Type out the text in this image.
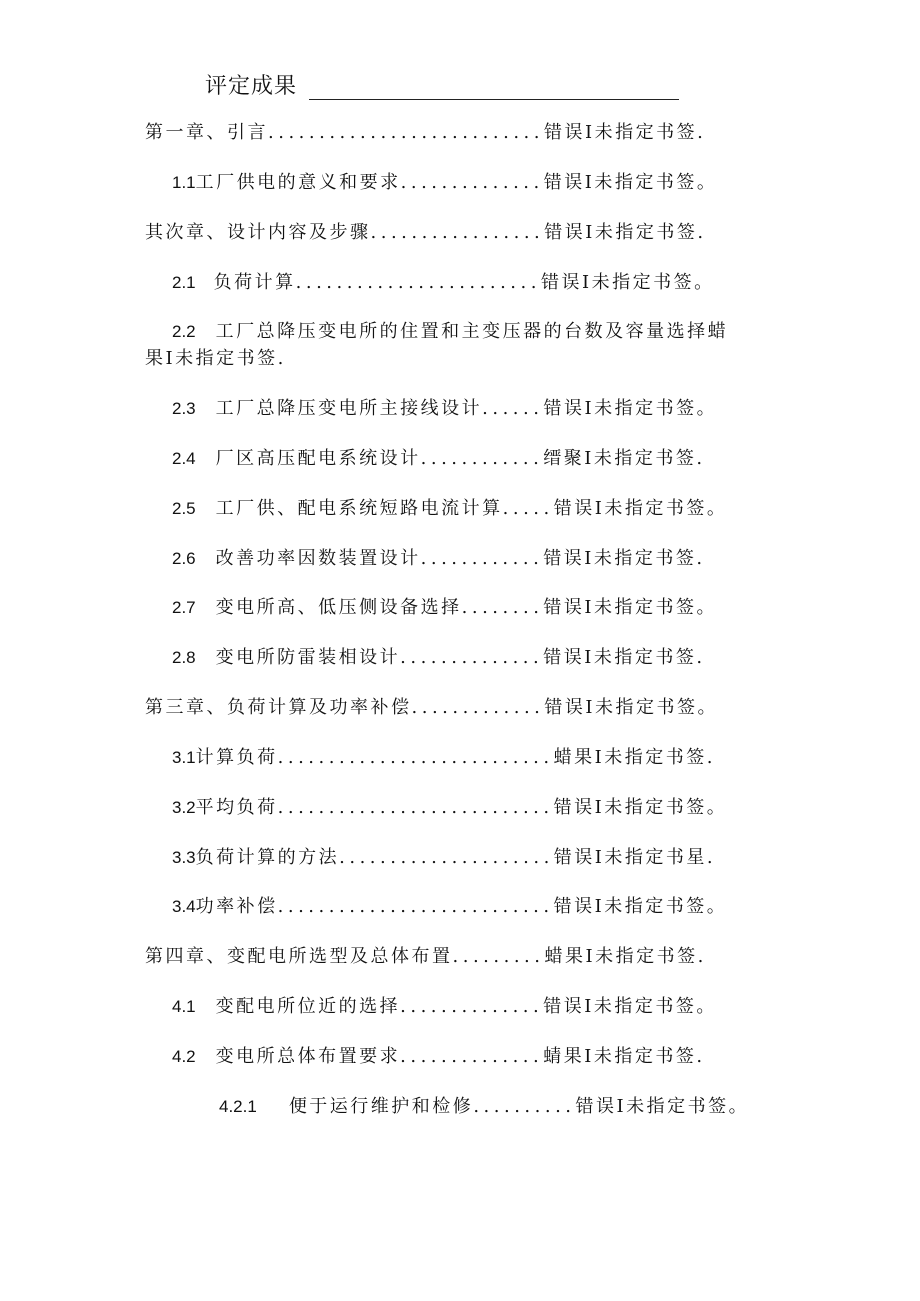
评定成果
第一章、引言...........................错误I未指定书签.
1.1工厂供电的意义和要求..............错误I未指定书签。
其次章、设计内容及步骤.................错误I未指定书签.
2.1 负荷计算........................错误I未指定书签。
2.2 工厂总降压变电所的住置和主变压器的台数及容量选择蜡
果I未指定书签.
2.3 工厂总降压变电所主接线设计......错误I未指定书签。
2.4 厂区高压配电系统设计............缙聚I未指定书签.
2.5 工厂供、配电系统短路电流计算.....错误I未指定书签。
2.6 改善功率因数装置设计............错误I未指定书签.
2.7 变电所高、低压侧设备选择........错误I未指定书签。
2.8 变电所防雷装相设计..............错误I未指定书签.
第三章、负荷计算及功率补偿.............错误I未指定书签。
3.1计算负荷...........................蜡果I未指定书签.
3.2平均负荷...........................错误I未指定书签。
3.3负荷计算的方法.....................错误I未指定书星.
3.4功率补偿...........................错误I未指定书签。
第四章、变配电所选型及总体布置.........蜡果I未指定书签.
4.1 变配电所位近的选择..............错误I未指定书签。
4.2 变电所总体布置要求..............蜻果I未指定书签.
4.2.1 便于运行维护和检修..........错误I未指定书签。
